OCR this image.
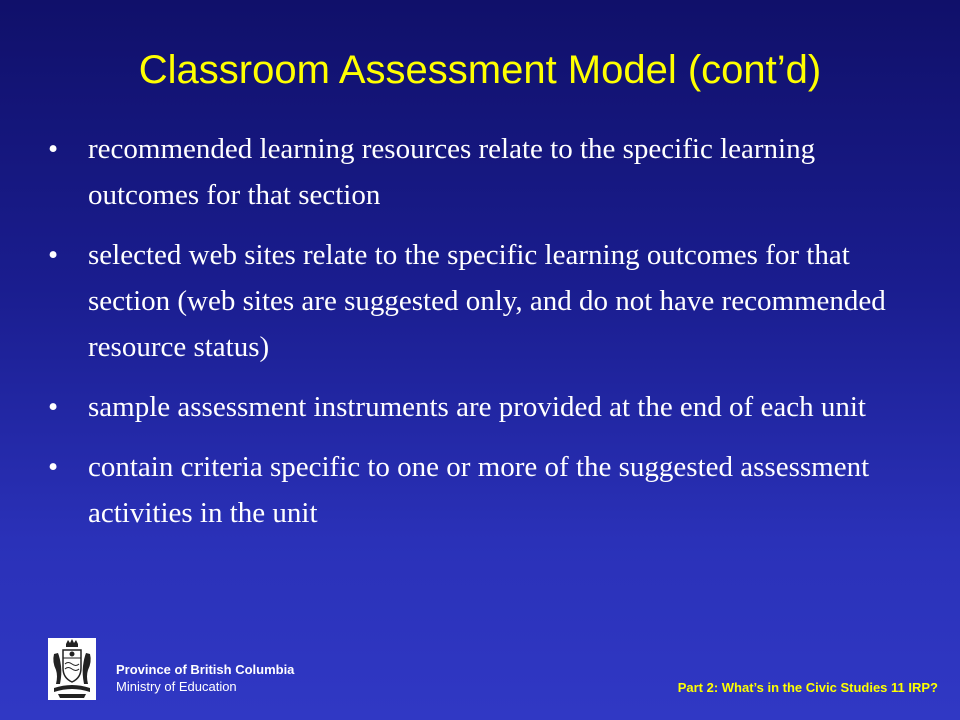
Classroom Assessment Model (cont’d)
• recommended learning resources relate to the specific learning outcomes for that section
• selected web sites relate to the specific learning outcomes for that section (web sites are suggested only, and do not have recommended resource status)
• sample assessment instruments are provided at the end of each unit
• contain criteria specific to one or more of the suggested assessment activities in the unit
Province of British Columbia
Ministry of Education	Part 2: What’s in the Civic Studies 11 IRP?
